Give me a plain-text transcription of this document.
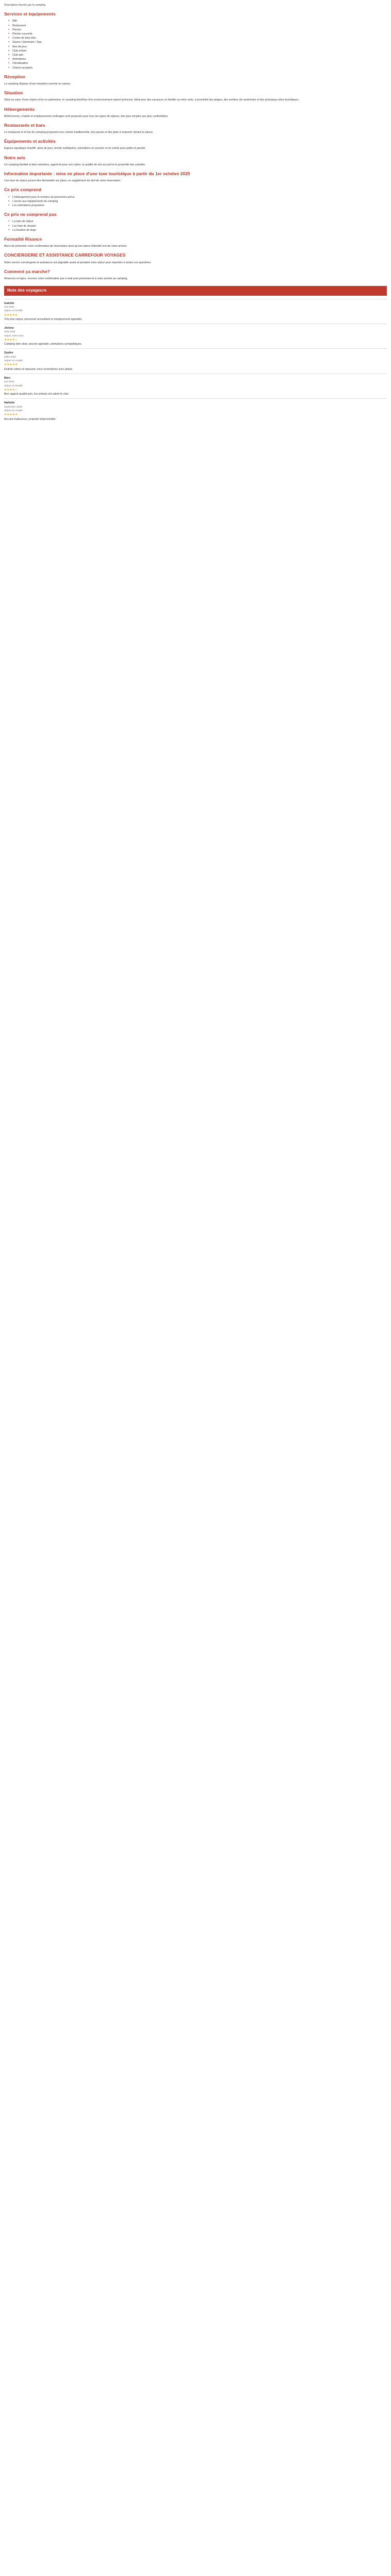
Description fournie par le camping

Services et équipements
■ Wifi
■ Restaurant
■ Piscine
■ Piscine couverte
■ Centre de bien-être
■ Sauna / Hammam / Spa
■ Aire de jeux
■ Club enfant
■ Club ado
■ Animations
■ Climatisation
■ Chiens acceptés
Réception

Le camping dispose d'une réception ouverte en saison.

Situation

Situé au cœur d'une région riche en patrimoine, le camping bénéficie d'un environnement naturel préservé, idéal pour des vacances en famille ou entre amis, à proximité des plages, des sentiers de randonnée et des principaux sites touristiques.

Hébergements

Mobil-homes, chalets et emplacements ombragés sont proposés pour tous les types de séjours, des plus simples aux plus confortables.

Restaurants et bars

Le restaurant et le bar du camping proposent une cuisine traditionnelle, des pizzas et des plats à emporter durant la saison.

Équipements et activités

Espace aquatique chauffé, aires de jeux, terrain multisports, animations en journée et en soirée pour petits et grands.

Notre avis

Un camping familial et bien entretenu, apprécié pour son calme, la qualité de son accueil et la proximité des activités.

Information importante : mise en place d'une taxe touristique à partir du 1er octobre 2025

Une taxe de séjour pourra être demandée sur place, en supplément du tarif de votre réservation.

Ce prix comprend
■ L'hébergement pour le nombre de personnes prévu
■ L'accès aux équipements du camping
■ Les animations proposées
Ce prix ne comprend pas
■ La taxe de séjour
■ Les frais de dossier
■ La location de linge
Formalité Risance

Merci de présenter votre confirmation de réservation ainsi qu'une pièce d'identité lors de votre arrivée.

CONCIERGERIE ET ASSISTANCE CARREFOUR VOYAGES

Notre service conciergerie et assistance est joignable avant et pendant votre séjour pour répondre à toutes vos questions.

Comment ça marche?

Réservez en ligne, recevez votre confirmation par e-mail puis présentez-la à votre arrivée au camping.

Note des voyageurs

Isabelle

mai 2025

Séjour en famille

★★★★★

Très bon séjour, personnel accueillant et emplacement agréable.

Jérôme

août 2025

Séjour entre amis

★★★★☆

Camping bien situé, piscine agréable, animations sympathiques.

Sophie

juillet 2025

Séjour en couple

★★★★★

Endroit calme et reposant, nous reviendrons avec plaisir.

Marc

juin 2025

Séjour en famille

★★★★☆

Bon rapport qualité-prix, les enfants ont adoré le club.

Nathalie

septembre 2025

Séjour en couple

★★★★★

Accueil chaleureux, propreté irréprochable.
